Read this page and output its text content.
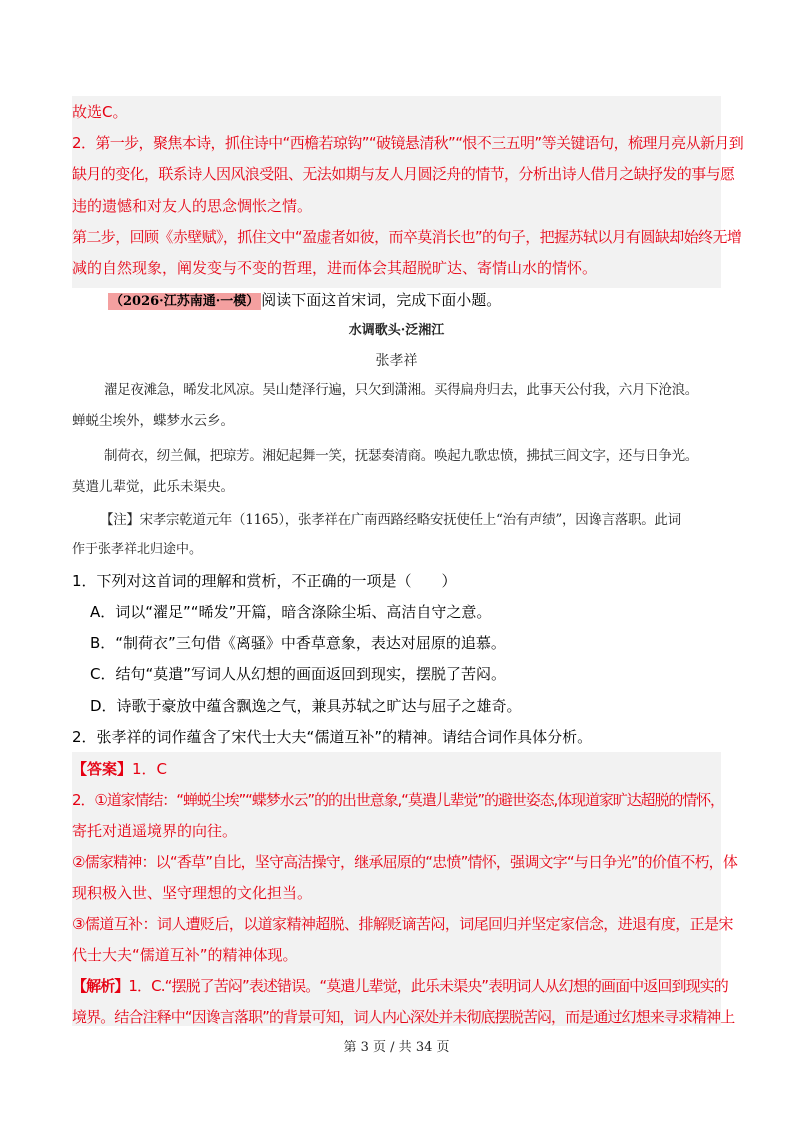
故选C。
2．第一步，聚焦本诗，抓住诗中“西檐若琼钩”“破镜悬清秋”“恨不三五明”等关键语句，梳理月亮从新月到
缺月的变化，联系诗人因风浪受阻、无法如期与友人月圆泛舟的情节，分析出诗人借月之缺抒发的事与愿
违的遗憾和对友人的思念惆怅之情。
第二步，回顾《赤壁赋》，抓住文中“盈虚者如彼，而卒莫消长也”的句子，把握苏轼以月有圆缺却始终无增
减的自然现象，阐发变与不变的哲理，进而体会其超脱旷达、寄情山水的情怀。
（2026·江苏南通·一模） 阅读下面这首宋词，完成下面小题。
水调歌头·泛湘江
张孝祥
濯足夜滩急，晞发北风凉。吴山楚泽行遍，只欠到潇湘。买得扁舟归去，此事天公付我，六月下沧浪。
蝉蜕尘埃外，蝶梦水云乡。
制荷衣，纫兰佩，把琼芳。湘妃起舞一笑，抚瑟奏清商。唤起九歌忠愤，拂拭三闾文字，还与日争光。
莫遣儿辈觉，此乐未渠央。
【注】宋孝宗乾道元年（1165），张孝祥在广南西路经略安抚使任上“治有声绩”，因谗言落职。此词
作于张孝祥北归途中。
1．下列对这首词的理解和赏析，不正确的一项是（　　）
A．词以“濯足”“晞发”开篇，暗含涤除尘垢、高洁自守之意。
B．“制荷衣”三句借《离骚》中香草意象，表达对屈原的追慕。
C．结句“莫遣”写词人从幻想的画面返回到现实，摆脱了苦闷。
D．诗歌于豪放中蕴含飘逸之气，兼具苏轼之旷达与屈子之雄奇。
2．张孝祥的词作蕴含了宋代士大夫“儒道互补”的精神。请结合词作具体分析。
【答案】1．C
2．①道家情结：“蝉蜕尘埃”“蝶梦水云”的的出世意象,“莫遣儿辈觉”的避世姿态,体现道家旷达超脱的情怀，
寄托对逍遥境界的向往。
②儒家精神：以“香草”自比，坚守高洁操守，继承屈原的“忠愤”情怀，强调文字“与日争光”的价值不朽，体
现积极入世、坚守理想的文化担当。
③儒道互补：词人遭贬后，以道家精神超脱、排解贬谪苦闷，词尾回归并坚定家信念，进退有度，正是宋
代士大夫“儒道互补”的精神体现。
【解析】1．C.“摆脱了苦闷”表述错误。“莫遣儿辈觉，此乐未渠央”表明词人从幻想的画面中返回到现实的
境界。结合注释中“因谗言落职”的背景可知，词人内心深处并未彻底摆脱苦闷，而是通过幻想来寻求精神上
第 3 页 / 共 34 页
